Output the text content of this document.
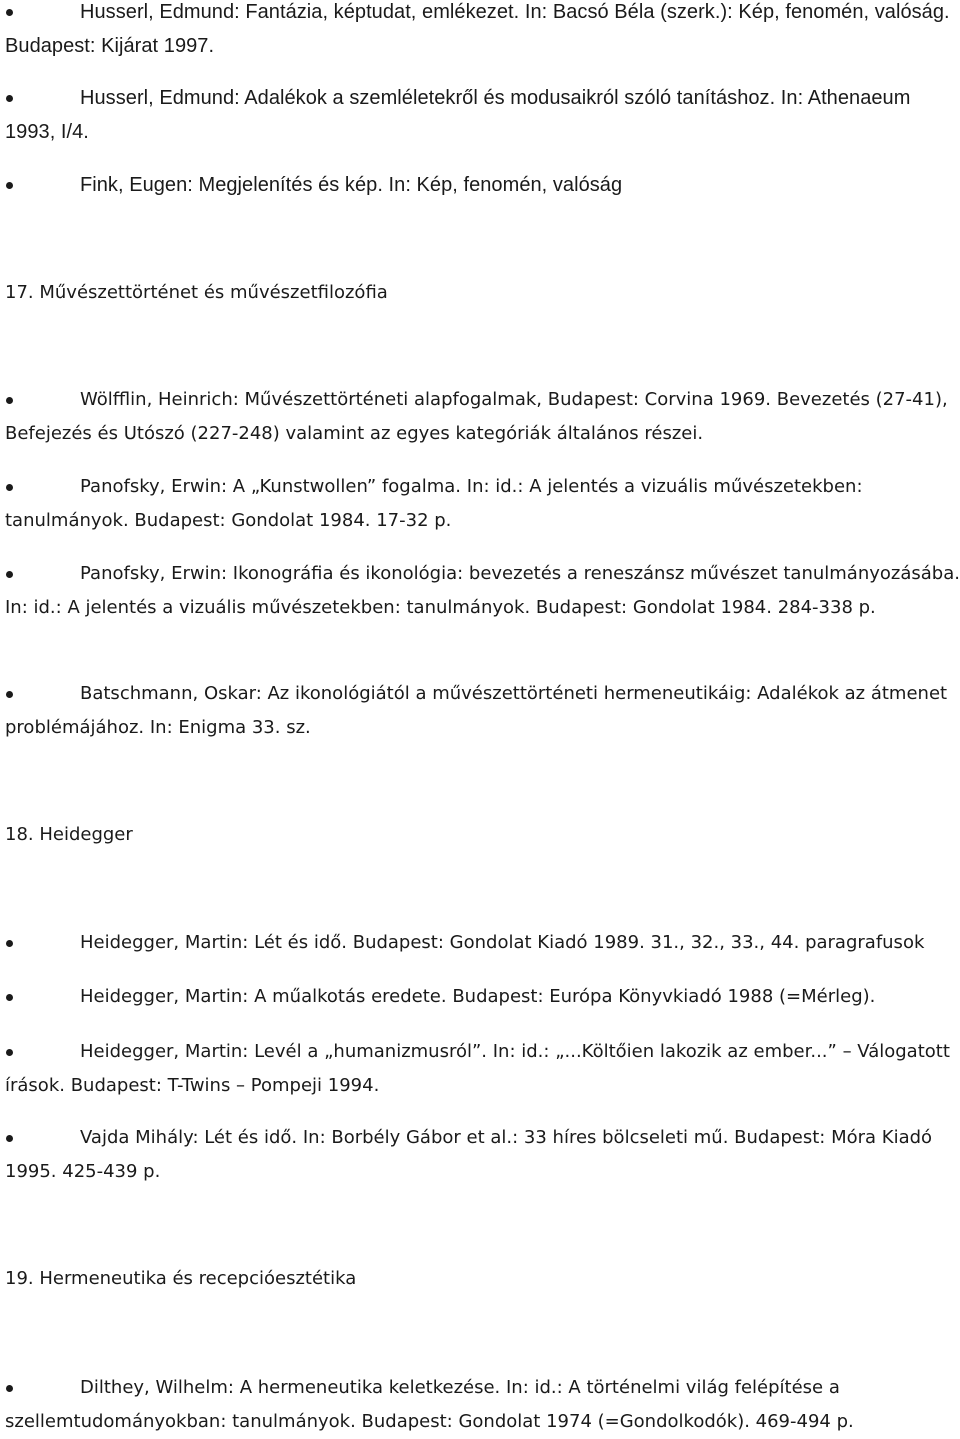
Husserl, Edmund: Fantázia, képtudat, emlékezet. In: Bacsó Béla (szerk.): Kép, fenomén, valóság. Budapest: Kijárat 1997.
Husserl, Edmund: Adalékok a szemléletekről és modusaikról szóló tanításhoz. In: Athenaeum 1993, I/4.
Fink, Eugen: Megjelenítés és kép. In: Kép, fenomén, valóság
17. Művészettörténet és művészetfilozófia
Wölfflin, Heinrich: Művészettörténeti alapfogalmak, Budapest: Corvina 1969. Bevezetés (27-41), Befejezés és Utószó (227-248) valamint az egyes kategóriák általános részei.
Panofsky, Erwin: A „Kunstwollen” fogalma. In: id.: A jelentés a vizuális művészetekben: tanulmányok. Budapest: Gondolat 1984. 17-32 p.
Panofsky, Erwin: Ikonográfia és ikonológia: bevezetés a reneszánsz művészet tanulmányozásába. In: id.: A jelentés a vizuális művészetekben: tanulmányok. Budapest: Gondolat 1984. 284-338 p.
Batschmann, Oskar: Az ikonológiától a művészettörténeti hermeneutikáig: Adalékok az átmenet problémájához. In: Enigma 33. sz.
18. Heidegger
Heidegger, Martin: Lét és idő. Budapest: Gondolat Kiadó 1989. 31., 32., 33., 44. paragrafusok
Heidegger, Martin: A műalkotás eredete. Budapest: Európa Könyvkiadó 1988 (=Mérleg).
Heidegger, Martin: Levél a „humanizmusról”. In: id.: „...Költőien lakozik az ember...” – Válogatott írások. Budapest: T-Twins – Pompeji 1994.
Vajda Mihály: Lét és idő. In: Borbély Gábor et al.: 33 híres bölcseleti mű. Budapest: Móra Kiadó 1995. 425-439 p.
19. Hermeneutika és recepcióesztétika
Dilthey, Wilhelm: A hermeneutika keletkezése. In: id.: A történelmi világ felépítése a szellemtudományokban: tanulmányok. Budapest: Gondolat 1974 (=Gondolkodók). 469-494 p.
